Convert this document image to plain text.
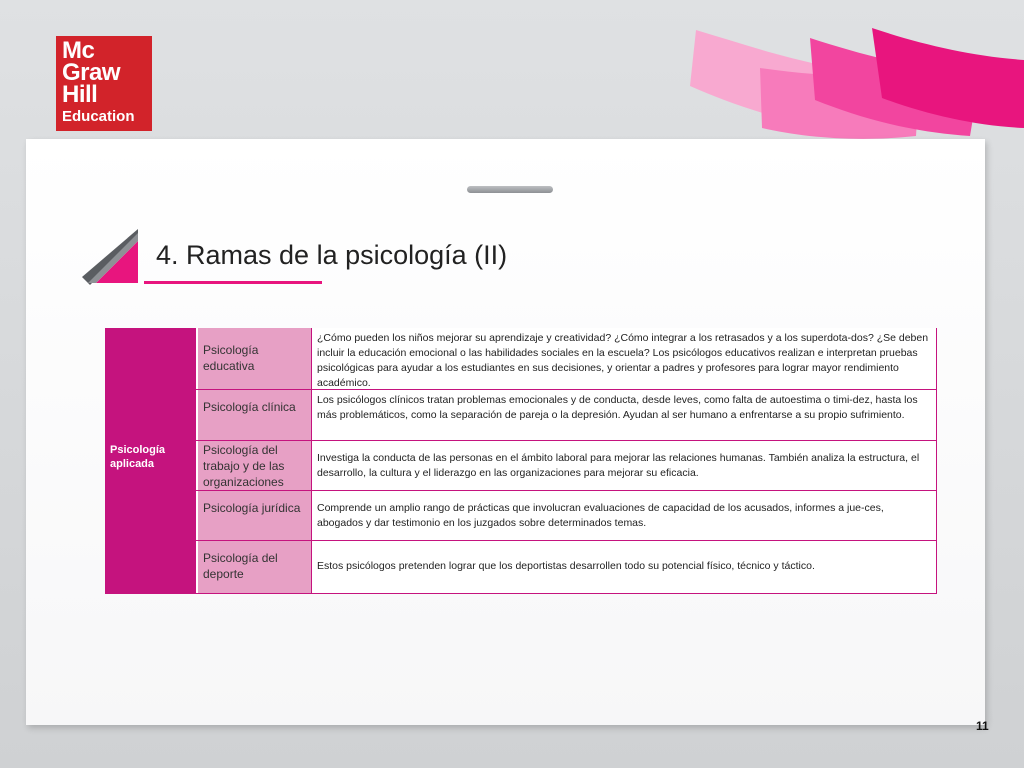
Mc
Graw
Hill
Education
4. Ramas de la psicología (II)
Psicología aplicada
Psicología educativa
¿Cómo pueden los niños mejorar su aprendizaje y creatividad? ¿Cómo integrar a los retrasados y a los superdota-dos? ¿Se deben incluir la educación emocional o las habilidades sociales en la escuela? Los psicólogos educativos realizan e interpretan pruebas psicológicas para ayudar a los estudiantes en sus decisiones, y orientar a padres y profesores para lograr mayor rendimiento académico.
Psicología clínica	Los psicólogos clínicos tratan problemas emocionales y de conducta, desde leves, como falta de autoestima o timi-dez, hasta los más problemáticos, como la separación de pareja o la depresión. Ayudan al ser humano a enfrentarse a su propio sufrimiento.
Psicología del trabajo y de las organizaciones
Investiga la conducta de las personas en el ámbito laboral para mejorar las relaciones humanas. También analiza la estructura, el desarrollo, la cultura y el liderazgo en las organizaciones para mejorar su eficacia.
Psicología jurídica	Comprende un amplio rango de prácticas que involucran evaluaciones de capacidad de los acusados, informes a jue-ces, abogados y dar testimonio en los juzgados sobre determinados temas.
Psicología del deporte
Estos psicólogos pretenden lograr que los deportistas desarrollen todo su potencial físico, técnico y táctico.
11
